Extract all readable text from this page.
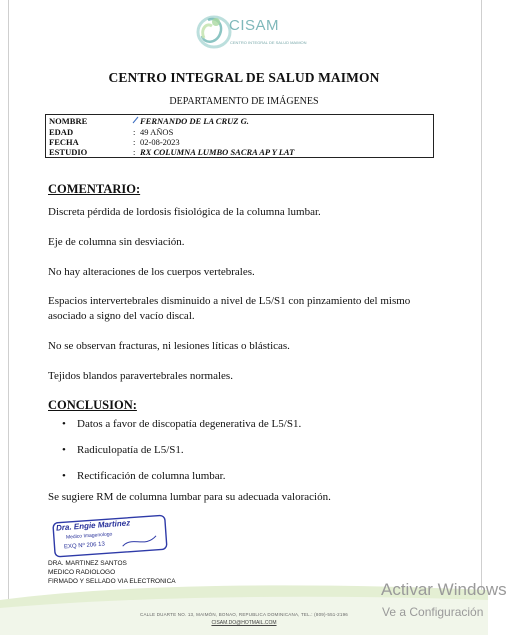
CISAM
CENTRO INTEGRAL DE SALUD MAIMON
CENTRO INTEGRAL DE SALUD MAIMON
DEPARTAMENTO DE IMÁGENES
NOMBRE	FERNANDO DE LA CRUZ G.
EDAD	: 49 AÑOS
FECHA	: 02-08-2023
ESTUDIO	: RX COLUMNA LUMBO SACRA AP Y LAT
COMENTARIO:
Discreta pérdida de lordosis fisiológica de la columna lumbar.
Eje de columna sin desviación.
No hay alteraciones de los cuerpos vertebrales.
Espacios intervertebrales disminuido a nivel de L5/S1 con pinzamiento del mismo asociado a signo del vacío discal.
No se observan fracturas, ni lesiones líticas o blásticas.
Tejidos blandos paravertebrales normales.
CONCLUSION:
• Datos a favor de discopatía degenerativa de L5/S1.
• Radiculopatía de L5/S1.
• Rectificación de columna lumbar.
Se sugiere RM de columna lumbar para su adecuada valoración.
Dra. Engie Martinez
Medico Imagenologo
EXQ Nº 206 13
DRA. MARTINEZ SANTOS
MEDICO RADIOLOGO
FIRMADO Y SELLADO VIA ELECTRONICA
CALLE DUARTE NO. 13, MAIMÓN, BONAO, REPUBLICA DOMINICANA, TEL.: (809)-551-2196
CISAM.DO@HOTMAIL.COM
Activar Windows
Ve a Configuración
